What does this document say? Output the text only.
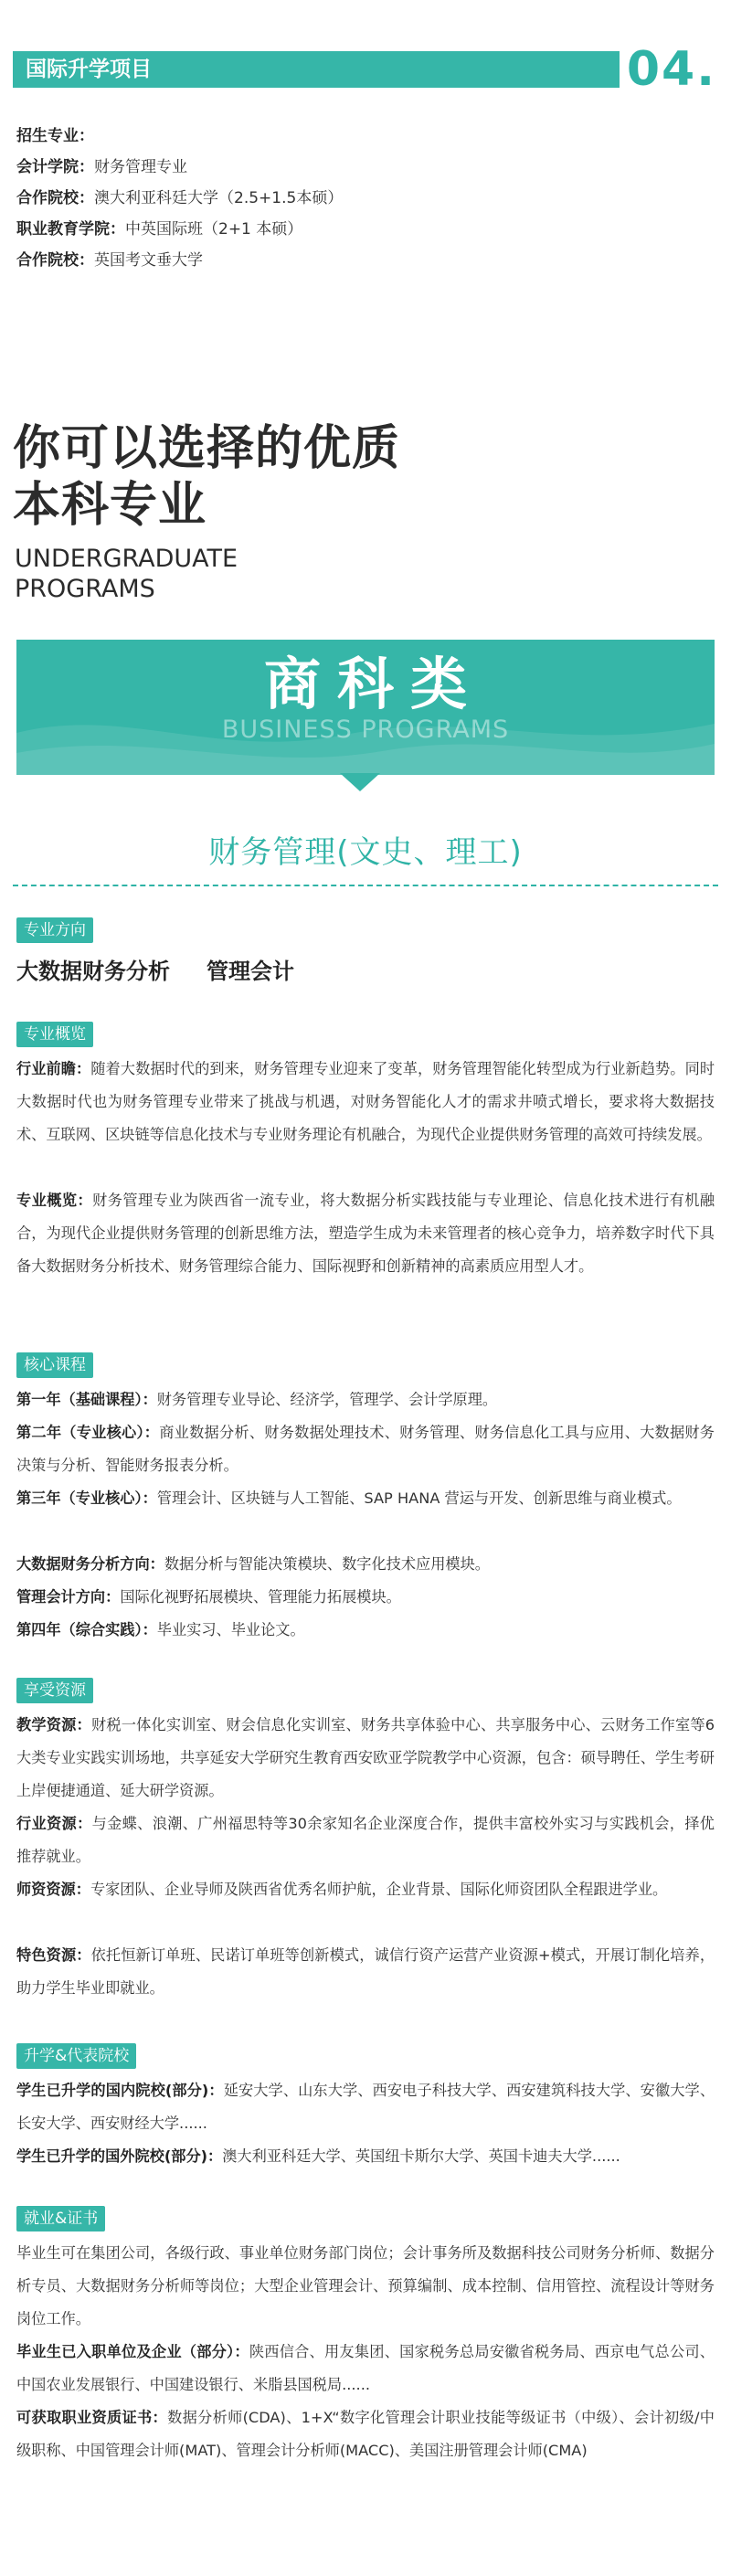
国际升学项目	04.
招生专业：
会计学院：财务管理专业
合作院校：澳大利亚科廷大学（2.5+1.5本硕）
职业教育学院：中英国际班（2+1 本硕）
合作院校：英国考文垂大学
你可以选择的优质
本科专业
UNDERGRADUATE
PROGRAMS
商科类
BUSINESS PROGRAMS
财务管理(文史、理工)
专业方向
大数据财务分析 管理会计
专业概览
行业前瞻：随着大数据时代的到来，财务管理专业迎来了变革，财务管理智能化转型成为行业新趋势。同时大数据时代也为财务管理专业带来了挑战与机遇，对财务智能化人才的需求井喷式增长，要求将大数据技术、互联网、区块链等信息化技术与专业财务理论有机融合，为现代企业提供财务管理的高效可持续发展。
专业概览：财务管理专业为陕西省一流专业，将大数据分析实践技能与专业理论、信息化技术进行有机融合，为现代企业提供财务管理的创新思维方法，塑造学生成为未来管理者的核心竞争力，培养数字时代下具备大数据财务分析技术、财务管理综合能力、国际视野和创新精神的高素质应用型人才。
核心课程
第一年（基础课程）：财务管理专业导论、经济学，管理学、会计学原理。
第二年（专业核心）：商业数据分析、财务数据处理技术、财务管理、财务信息化工具与应用、大数据财务决策与分析、智能财务报表分析。
第三年（专业核心）：管理会计、区块链与人工智能、SAP HANA 营运与开发、创新思维与商业模式。
大数据财务分析方向：数据分析与智能决策模块、数字化技术应用模块。
管理会计方向：国际化视野拓展模块、管理能力拓展模块。
第四年（综合实践）：毕业实习、毕业论文。
享受资源
教学资源：财税一体化实训室、财会信息化实训室、财务共享体验中心、共享服务中心、云财务工作室等6大类专业实践实训场地，共享延安大学研究生教育西安欧亚学院教学中心资源，包含：硕导聘任、学生考研上岸便捷通道、延大研学资源。
行业资源：与金蝶、浪潮、广州福思特等30余家知名企业深度合作，提供丰富校外实习与实践机会，择优推荐就业。
师资资源：专家团队、企业导师及陕西省优秀名师护航，企业背景、国际化师资团队全程跟进学业。
特色资源：依托恒新订单班、民诺订单班等创新模式，诚信行资产运营产业资源+模式，开展订制化培养，助力学生毕业即就业。
升学&代表院校
学生已升学的国内院校(部分)：延安大学、山东大学、西安电子科技大学、西安建筑科技大学、安徽大学、长安大学、西安财经大学......
学生已升学的国外院校(部分)：澳大利亚科廷大学、英国纽卡斯尔大学、英国卡迪夫大学......
就业&证书
毕业生可在集团公司，各级行政、事业单位财务部门岗位；会计事务所及数据科技公司财务分析师、数据分析专员、大数据财务分析师等岗位；大型企业管理会计、预算编制、成本控制、信用管控、流程设计等财务岗位工作。
毕业生已入职单位及企业（部分）：陕西信合、用友集团、国家税务总局安徽省税务局、西京电气总公司、中国农业发展银行、中国建设银行、米脂县国税局......
可获取职业资质证书：数据分析师(CDA)、1+X“数字化管理会计职业技能等级证书（中级）、会计初级/中级职称、中国管理会计师(MAT)、管理会计分析师(MACC)、美国注册管理会计师(CMA)
